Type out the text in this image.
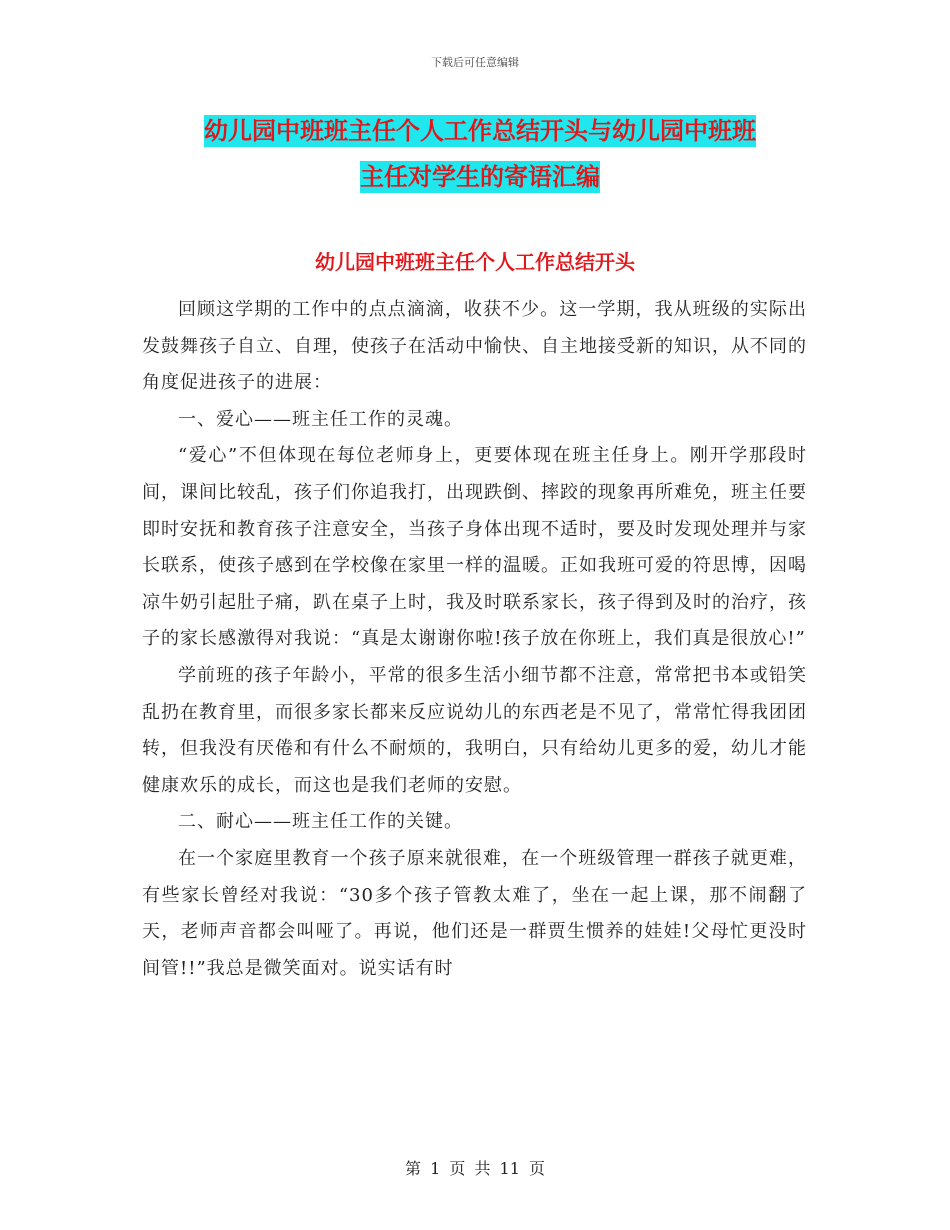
下载后可任意编辑
幼儿园中班班主任个人工作总结开头与幼儿园中班班
主任对学生的寄语汇编
幼儿园中班班主任个人工作总结开头

回顾这学期的工作中的点点滴滴，收获不少。这一学期，我从班级的实际出发鼓舞孩子自立、自理，使孩子在活动中愉快、自主地接受新的知识，从不同的角度促进孩子的进展：

一、爱心——班主任工作的灵魂。

“爱心”不但体现在每位老师身上，更要体现在班主任身上。刚开学那段时间，课间比较乱，孩子们你追我打，出现跌倒、摔跤的现象再所难免，班主任要即时安抚和教育孩子注意安全，当孩子身体出现不适时，要及时发现处理并与家长联系，使孩子感到在学校像在家里一样的温暖。正如我班可爱的符思博，因喝凉牛奶引起肚子痛，趴在桌子上时，我及时联系家长，孩子得到及时的治疗，孩子的家长感激得对我说：“真是太谢谢你啦!孩子放在你班上，我们真是很放心!”

学前班的孩子年龄小，平常的很多生活小细节都不注意，常常把书本或铅笑乱扔在教育里，而很多家长都来反应说幼儿的东西老是不见了，常常忙得我团团转，但我没有厌倦和有什么不耐烦的，我明白，只有给幼儿更多的爱，幼儿才能健康欢乐的成长，而这也是我们老师的安慰。

二、耐心——班主任工作的关键。

在一个家庭里教育一个孩子原来就很难，在一个班级管理一群孩子就更难，有些家长曾经对我说：“30多个孩子管教太难了，坐在一起上课，那不闹翻了天，老师声音都会叫哑了。再说，他们还是一群贾生惯养的娃娃!父母忙更没时间管!!”我总是微笑面对。说实话有时

第 1 页 共 11 页
